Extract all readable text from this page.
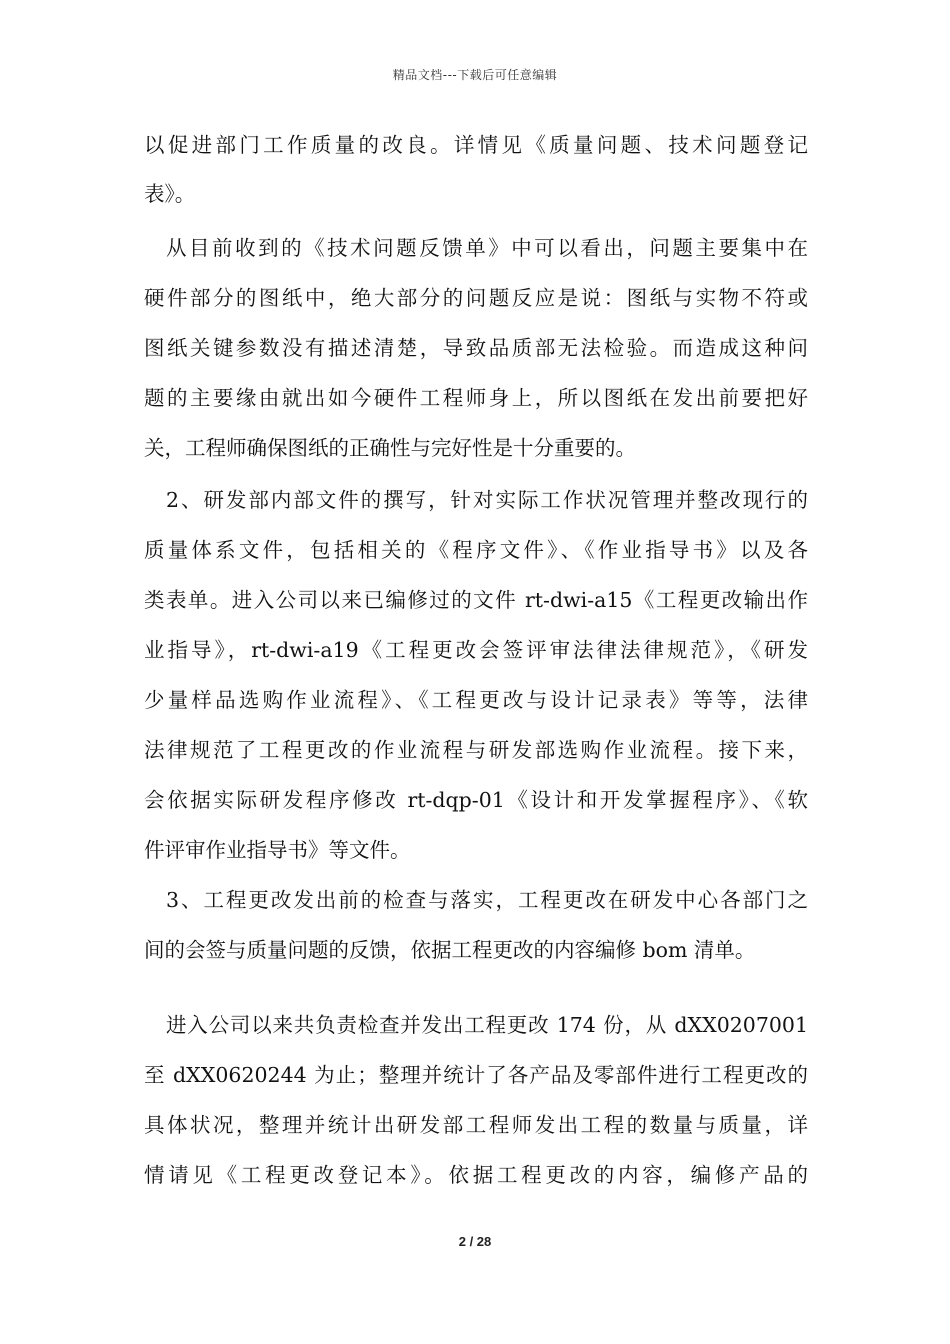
精品文档---下载后可任意编辑
以促进部门工作质量的改良。详情见《质量问题、技术问题登记
表》。
从目前收到的《技术问题反馈单》中可以看出，问题主要集中在
硬件部分的图纸中，绝大部分的问题反应是说：图纸与实物不符或
图纸关键参数没有描述清楚，导致品质部无法检验。而造成这种问
题的主要缘由就出如今硬件工程师身上，所以图纸在发出前要把好
关，工程师确保图纸的正确性与完好性是十分重要的。
2、研发部内部文件的撰写，针对实际工作状况管理并整改现行的
质量体系文件，包括相关的《程序文件》、《作业指导书》以及各
类表单。进入公司以来已编修过的文件 rt-dwi-a15《工程更改输出作
业指导》，rt-dwi-a19《工程更改会签评审法律法律规范》，《研发
少量样品选购作业流程》、《工程更改与设计记录表》等等，法律
法律规范了工程更改的作业流程与研发部选购作业流程。接下来，
会依据实际研发程序修改 rt-dqp-01《设计和开发掌握程序》、《软
件评审作业指导书》等文件。
3、工程更改发出前的检查与落实，工程更改在研发中心各部门之
间的会签与质量问题的反馈，依据工程更改的内容编修 bom 清单。
进入公司以来共负责检查并发出工程更改 174 份，从 dXX0207001
至 dXX0620244 为止；整理并统计了各产品及零部件进行工程更改的
具体状况，整理并统计出研发部工程师发出工程的数量与质量，详
情请见《工程更改登记本》。依据工程更改的内容，编修产品的
2 / 28
